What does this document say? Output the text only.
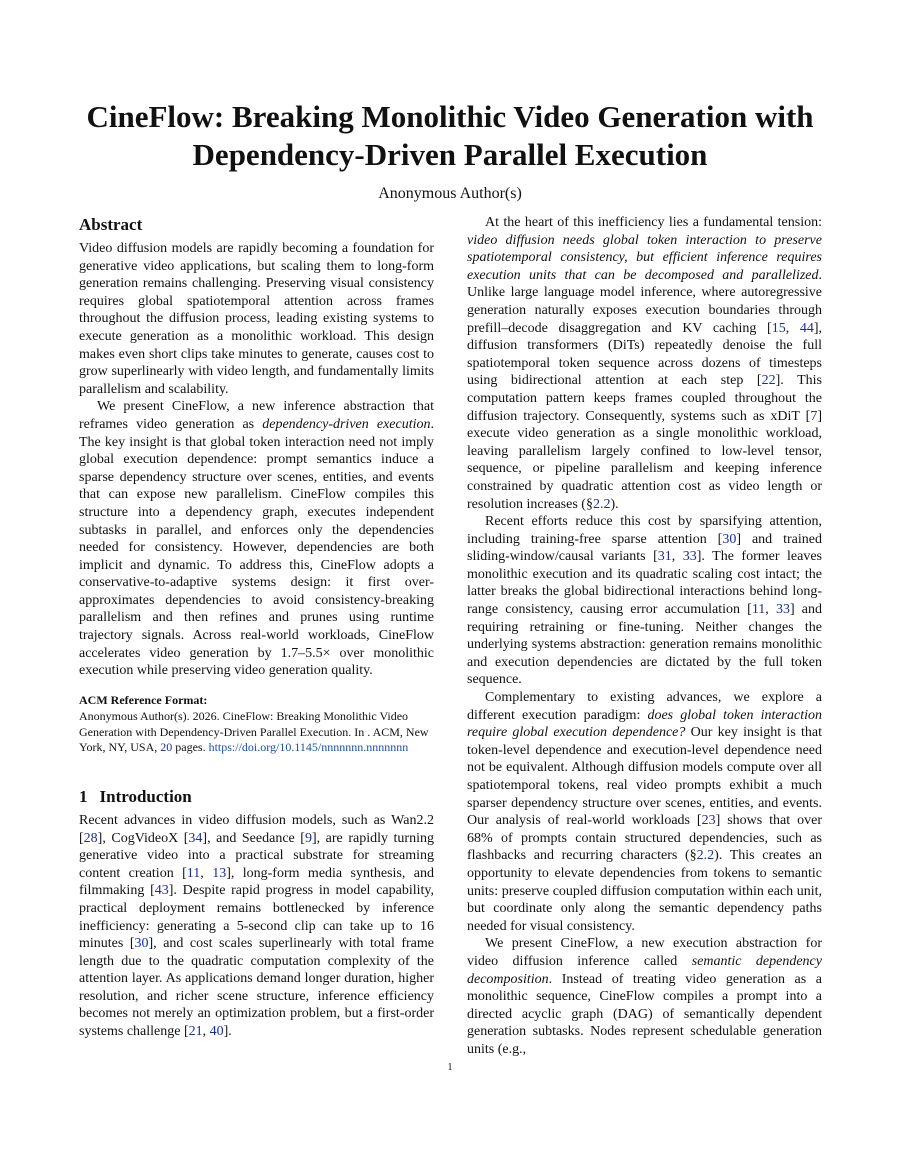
CineFlow: Breaking Monolithic Video Generation with Dependency-Driven Parallel Execution
Anonymous Author(s)
Abstract

Video diffusion models are rapidly becoming a foundation for generative video applications, but scaling them to long-form generation remains challenging. Preserving visual consistency requires global spatiotemporal attention across frames throughout the diffusion process, leading existing systems to execute generation as a monolithic workload. This design makes even short clips take minutes to generate, causes cost to grow superlinearly with video length, and fundamentally limits parallelism and scalability.

We present CineFlow, a new inference abstraction that reframes video generation as dependency-driven execution. The key insight is that global token interaction need not imply global execution dependence: prompt semantics induce a sparse dependency structure over scenes, entities, and events that can expose new parallelism. CineFlow compiles this structure into a dependency graph, executes independent subtasks in parallel, and enforces only the dependencies needed for consistency. However, dependencies are both implicit and dynamic. To address this, CineFlow adopts a conservative-to-adaptive systems design: it first over-approximates dependencies to avoid consistency-breaking parallelism and then refines and prunes using runtime trajectory signals. Across real-world workloads, CineFlow accelerates video generation by 1.7–5.5× over monolithic execution while preserving video generation quality.

ACM Reference Format:

Anonymous Author(s). 2026. CineFlow: Breaking Monolithic Video Generation with Dependency-Driven Parallel Execution. In . ACM, New York, NY, USA, 20 pages. https://doi.org/10.1145/nnnnnnn.nnnnnnn

1 Introduction

Recent advances in video diffusion models, such as Wan2.2 [28], CogVideoX [34], and Seedance [9], are rapidly turning generative video into a practical substrate for streaming content creation [11, 13], long-form media synthesis, and filmmaking [43]. Despite rapid progress in model capability, practical deployment remains bottlenecked by inference inefficiency: generating a 5-second clip can take up to 16 minutes [30], and cost scales superlinearly with total frame length due to the quadratic computation complexity of the attention layer. As applications demand longer duration, higher resolution, and richer scene structure, inference efficiency becomes not merely an optimization problem, but a first-order systems challenge [21, 40].

At the heart of this inefficiency lies a fundamental tension: video diffusion needs global token interaction to preserve spatiotemporal consistency, but efficient inference requires execution units that can be decomposed and parallelized. Unlike large language model inference, where autoregressive generation naturally exposes execution boundaries through prefill–decode disaggregation and KV caching [15, 44], diffusion transformers (DiTs) repeatedly denoise the full spatiotemporal token sequence across dozens of timesteps using bidirectional attention at each step [22]. This computation pattern keeps frames coupled throughout the diffusion trajectory. Consequently, systems such as xDiT [7] execute video generation as a single monolithic workload, leaving parallelism largely confined to low-level tensor, sequence, or pipeline parallelism and keeping inference constrained by quadratic attention cost as video length or resolution increases (§2.2).

Recent efforts reduce this cost by sparsifying attention, including training-free sparse attention [30] and trained sliding-window/causal variants [31, 33]. The former leaves monolithic execution and its quadratic scaling cost intact; the latter breaks the global bidirectional interactions behind long-range consistency, causing error accumulation [11, 33] and requiring retraining or fine-tuning. Neither changes the underlying systems abstraction: generation remains monolithic and execution dependencies are dictated by the full token sequence.

Complementary to existing advances, we explore a different execution paradigm: does global token interaction require global execution dependence? Our key insight is that token-level dependence and execution-level dependence need not be equivalent. Although diffusion models compute over all spatiotemporal tokens, real video prompts exhibit a much sparser dependency structure over scenes, entities, and events. Our analysis of real-world workloads [23] shows that over 68% of prompts contain structured dependencies, such as flashbacks and recurring characters (§2.2). This creates an opportunity to elevate dependencies from tokens to semantic units: preserve coupled diffusion computation within each unit, but coordinate only along the semantic dependency paths needed for visual consistency.

We present CineFlow, a new execution abstraction for video diffusion inference called semantic dependency decomposition. Instead of treating video generation as a monolithic sequence, CineFlow compiles a prompt into a directed acyclic graph (DAG) of semantically dependent generation subtasks. Nodes represent schedulable generation units (e.g.,

1
